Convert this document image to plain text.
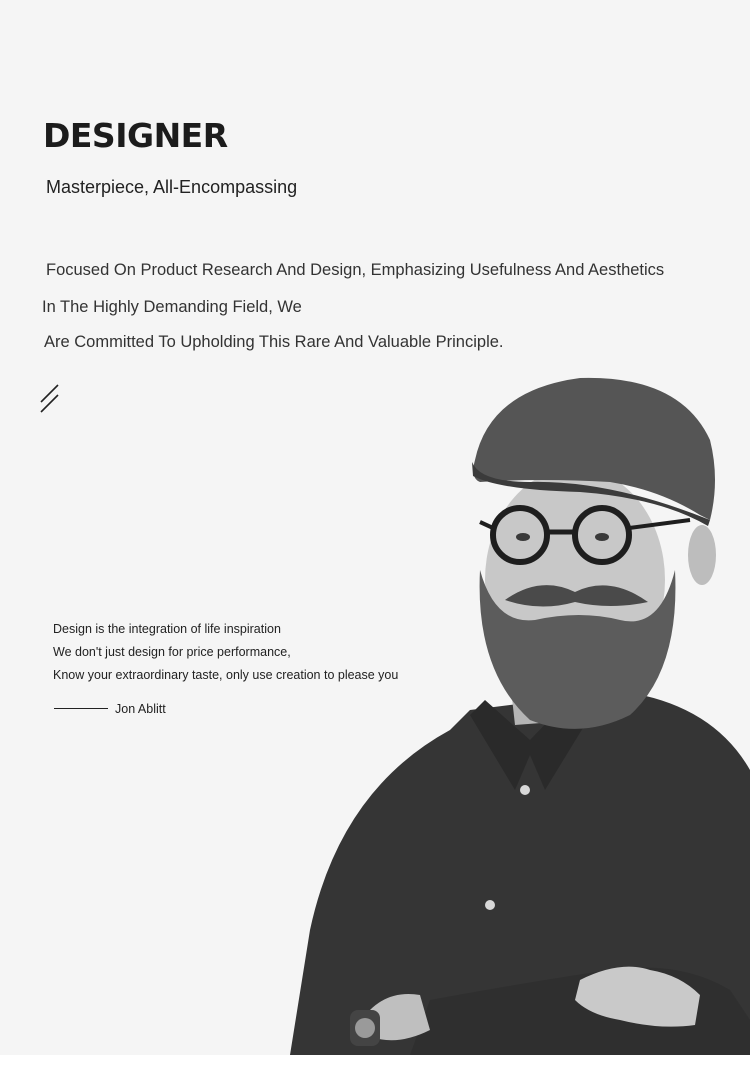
DESIGNER
Masterpiece, All-Encompassing
Focused On Product Research And Design, Emphasizing Usefulness And Aesthetics
In The Highly Demanding Field, We
Are Committed To Upholding This Rare And Valuable Principle.
Design is the integration of life inspiration
We don't just design for price performance,
Know your extraordinary taste, only use creation to please you
Jon Ablitt
